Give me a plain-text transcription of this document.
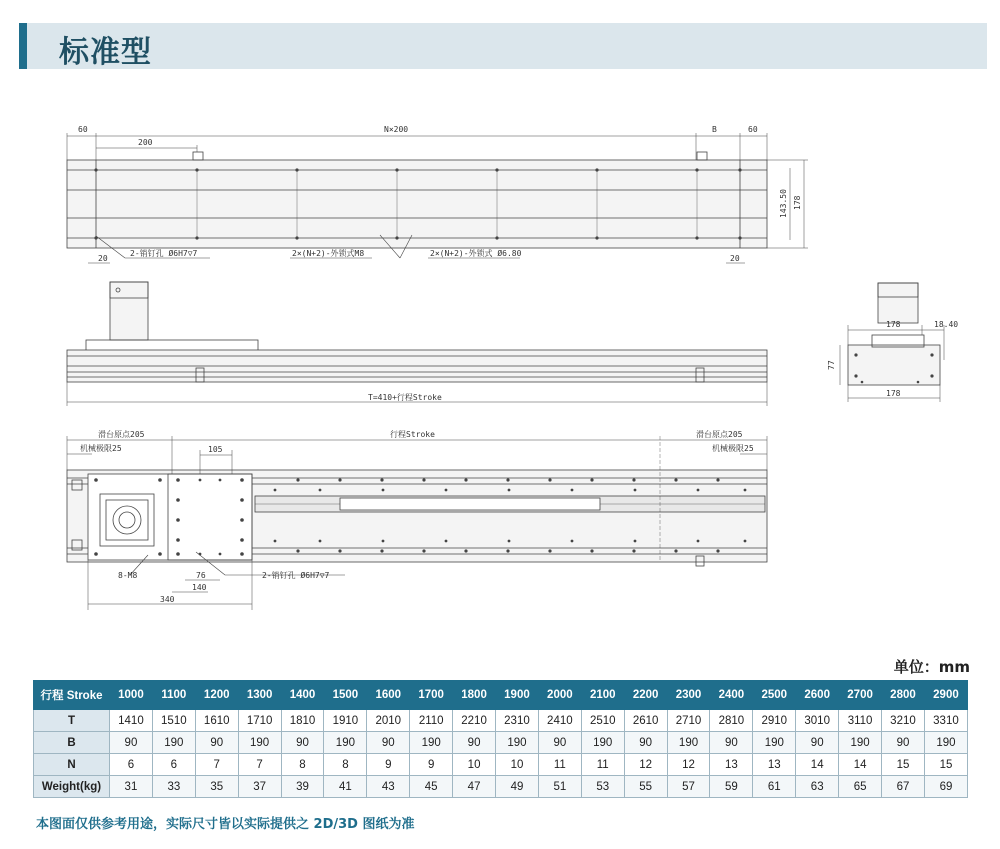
标准型
60
200
N×200	B	60
143.50 178
20	20
2-销钉孔 Ø6H7▽7	2×(N+2)-外锁式M8	2×(N+2)-外锁式 Ø6.80
T=410+行程Stroke
178	18.40
77
178
滑台原点205
机械极限25
行程Stroke	滑台原点205
机械极限25
105
8-M8	76
140
340
2-销钉孔 Ø6H7▽7
单位：mm
行程 Stroke	1000	1100	1200	1300	1400	1500	1600	1700	1800	1900	2000	2100	2200	2300	2400	2500	2600	2700	2800	2900
T	1410	1510	1610	1710	1810	1910	2010	2110	2210	2310	2410	2510	2610	2710	2810	2910	3010	3110	3210	3310
B	90	190	90	190	90	190	90	190	90	190	90	190	90	190	90	190	90	190	90	190
N	6	6	7	7	8	8	9	9	10	10	11	11	12	12	13	13	14	14	15	15
Weight(kg)	31	33	35	37	39	41	43	45	47	49	51	53	55	57	59	61	63	65	67	69
本图面仅供参考用途，实际尺寸皆以实际提供之 2D/3D 图纸为准
